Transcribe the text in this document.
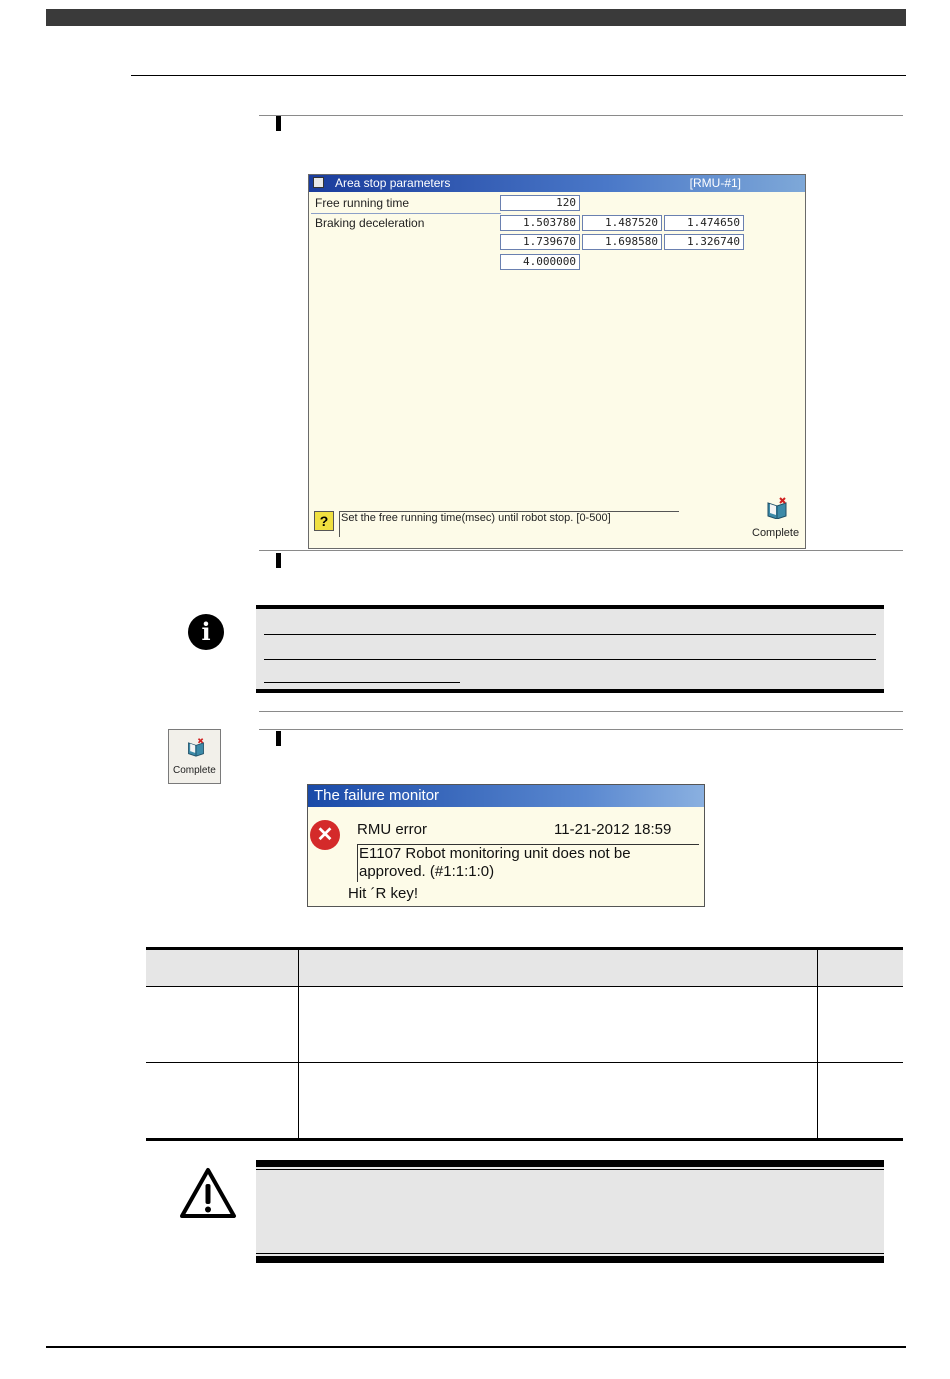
Area stop parameters	[RMU-#1]
Free running time	120
Braking deceleration	1.503780	1.487520	1.474650
1.739670	1.698580	1.326740
4.000000
?	Set the free running time(msec) until robot stop. [0-500]
Complete
i
Complete
The failure monitor
✕	RMU error	11-21-2012 18:59
E1107 Robot monitoring unit does not be
approved. (#1:1:1:0)
Hit ´R key!
